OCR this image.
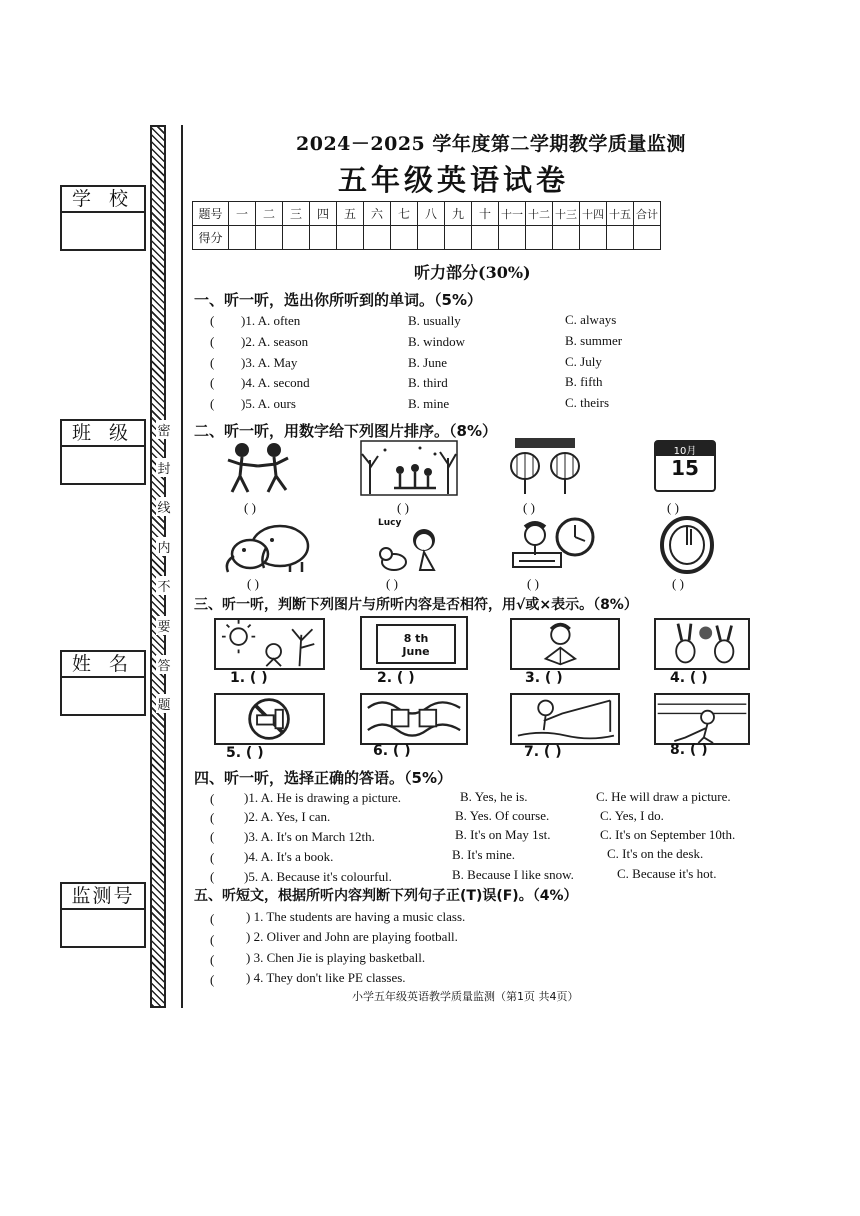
学 校
班 级
姓 名
监测号
密
封
线
内
不
要
答
题
2024－2025 学年度第二学期教学质量监测
五年级英语试卷
题号	一	二	三	四	五	六	七	八	九	十	十一	十二	十三	十四	十五	合计
得分																
听力部分(30%)
一、听一听，选出你所听到的单词。（5%）
( )1. A. often	B. usually	C. always
( )2. A. season	B. window	B. summer
( )3. A. May	B. June	C. July
( )4. A. second	B. third	B. fifth
( )5. A. ours	B. mine	C. theirs
二、听一听，用数字给下列图片排序。（8%）
10月
15
( )	( )	( )	( )
Lucy
( )	( )	( )	( )
三、听一听，判断下列图片与所听内容是否相符，用√或×表示。（8%）
8 th
June
1. ( )	2. ( )	3. ( )	4. ( )
5. ( )	6. ( )	7. ( )	8. ( )
四、听一听，选择正确的答语。（5%）
( )1. A. He is drawing a picture.	B. Yes, he is.	C. He will draw a picture.
( )2. A. Yes, I can.	B. Yes. Of course.	C. Yes, I do.
( )3. A. It's on March 12th.	B. It's on May 1st.	C. It's on September 10th.
( )4. A. It's a book.	B. It's mine.	C. It's on the desk.
( )5. A. Because it's colourful.	B. Because I like snow.	C. Because it's hot.
五、听短文，根据所听内容判断下列句子正(T)误(F)。（4%）
( ) 1. The students are having a music class.
( ) 2. Oliver and John are playing football.
( ) 3. Chen Jie is playing basketball.
( ) 4. They don't like PE classes.
小学五年级英语教学质量监测（第1页 共4页）
